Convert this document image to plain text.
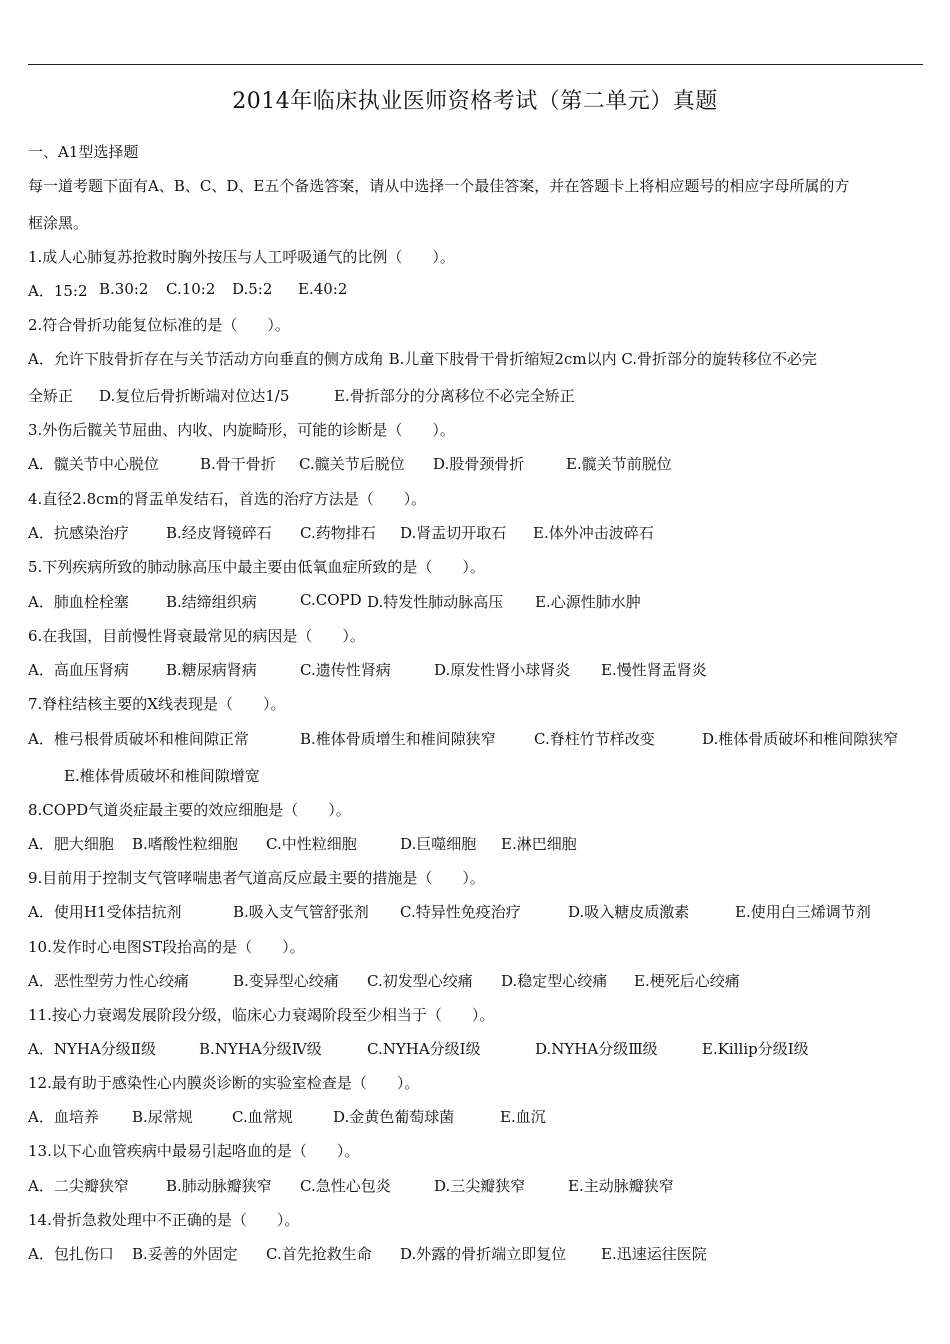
2014年临床执业医师资格考试（第二单元）真题
一、A1型选择题
每一道考题下面有A、B、C、D、E五个备选答案，请从中选择一个最佳答案，并在答题卡上将相应题号的相应字母所属的方
框涂黑。
1.成人心肺复苏抢救时胸外按压与人工呼吸通气的比例（　　）。
A．15:2 B.30:2	C.10:2	D.5:2	E.40:2
2.符合骨折功能复位标准的是（　　）。
A．允许下肢骨折存在与关节活动方向垂直的侧方成角 B.儿童下肢骨干骨折缩短2cm以内 C.骨折部分的旋转移位不必完
全矫正	D.复位后骨折断端对位达1/5	E.骨折部分的分离移位不必完全矫正
3.外伤后髋关节屈曲、内收、内旋畸形，可能的诊断是（　　）。
A．髋关节中心脱位	B.骨干骨折	C.髋关节后脱位	D.股骨颈骨折	E.髋关节前脱位
4.直径2.8cm的肾盂单发结石，首选的治疗方法是（　　）。
A．抗感染治疗	B.经皮肾镜碎石	C.药物排石	D.肾盂切开取石	E.体外冲击波碎石
5.下列疾病所致的肺动脉高压中最主要由低氧血症所致的是（　　）。
A．肺血栓栓塞	B.结缔组织病	C.COPD D.特发性肺动脉高压	E.心源性肺水肿
6.在我国，目前慢性肾衰最常见的病因是（　　）。
A．高血压肾病	B.糖尿病肾病	C.遗传性肾病	D.原发性肾小球肾炎	E.慢性肾盂肾炎
7.脊柱结核主要的X线表现是（　　）。
A．椎弓根骨质破坏和椎间隙正常	B.椎体骨质增生和椎间隙狭窄	C.脊柱竹节样改变	D.椎体骨质破坏和椎间隙狭窄
E.椎体骨质破坏和椎间隙增宽
8.COPD气道炎症最主要的效应细胞是（　　）。
A．肥大细胞	B.嗜酸性粒细胞	C.中性粒细胞	D.巨噬细胞	E.淋巴细胞
9.目前用于控制支气管哮喘患者气道高反应最主要的措施是（　　）。
A．使用H1受体拮抗剂	B.吸入支气管舒张剂	C.特异性免疫治疗	D.吸入糖皮质激素	E.使用白三烯调节剂
10.发作时心电图ST段抬高的是（　　）。
A．恶性型劳力性心绞痛	B.变异型心绞痛	C.初发型心绞痛	D.稳定型心绞痛	E.梗死后心绞痛
11.按心力衰竭发展阶段分级，临床心力衰竭阶段至少相当于（　　）。
A．NYHA分级Ⅱ级	B.NYHA分级Ⅳ级	C.NYHA分级Ⅰ级	D.NYHA分级Ⅲ级	E.Killip分级Ⅰ级
12.最有助于感染性心内膜炎诊断的实验室检查是（　　）。
A．血培养	B.尿常规	C.血常规	D.金黄色葡萄球菌	E.血沉
13.以下心血管疾病中最易引起咯血的是（　　）。
A．二尖瓣狭窄	B.肺动脉瓣狭窄	C.急性心包炎	D.三尖瓣狭窄	E.主动脉瓣狭窄
14.骨折急救处理中不正确的是（　　）。
A．包扎伤口	B.妥善的外固定	C.首先抢救生命	D.外露的骨折端立即复位	E.迅速运往医院
